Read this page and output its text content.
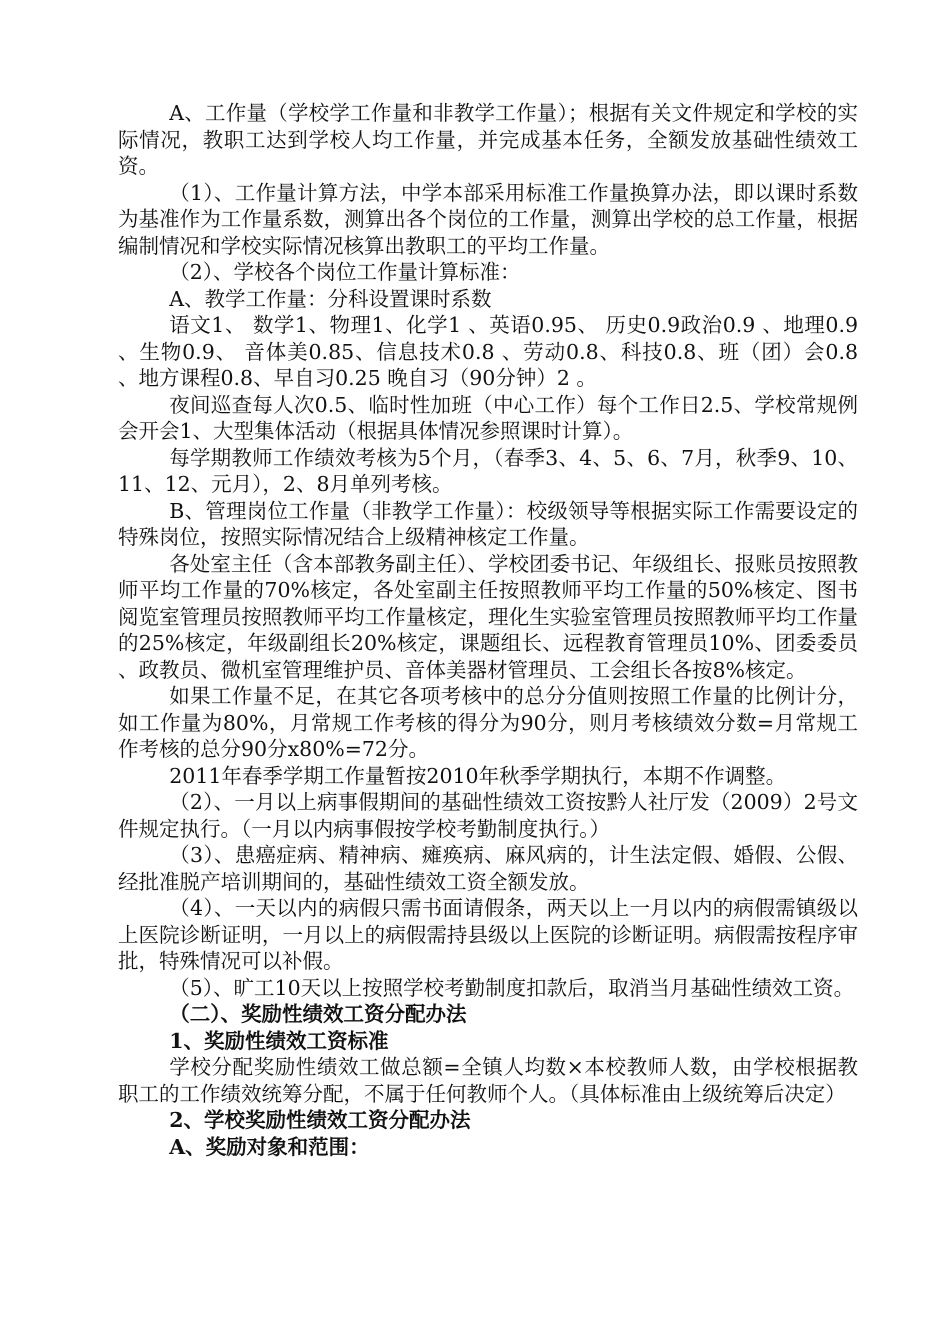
A、工作量（学校学工作量和非教学工作量）；根据有关文件规定和学校的实际情况，教职工达到学校人均工作量，并完成基本任务，全额发放基础性绩效工资。

（1）、工作量计算方法，中学本部采用标准工作量换算办法，即以课时系数为基准作为工作量系数，测算出各个岗位的工作量，测算出学校的总工作量，根据编制情况和学校实际情况核算出教职工的平均工作量。

（2）、学校各个岗位工作量计算标准：

A、教学工作量：分科设置课时系数

语文1、 数学1、物理1、化学1 、英语0.95、 历史0.9政治0.9 、地理0.9 、生物0.9、 音体美0.85、信息技术0.8 、劳动0.8、科技0.8、班（团）会0.8 、地方课程0.8、早自习0.25 晚自习（90分钟）2 。

夜间巡查每人次0.5、临时性加班（中心工作）每个工作日2.5、学校常规例会开会1、大型集体活动（根据具体情况参照课时计算）。

每学期教师工作绩效考核为5个月，（春季3、4、5、6、7月，秋季9、10、11、12、元月），2、8月单列考核。

B、管理岗位工作量（非教学工作量）：校级领导等根据实际工作需要设定的特殊岗位，按照实际情况结合上级精神核定工作量。

各处室主任（含本部教务副主任）、学校团委书记、年级组长、报账员按照教师平均工作量的70%核定，各处室副主任按照教师平均工作量的50%核定、图书阅览室管理员按照教师平均工作量核定，理化生实验室管理员按照教师平均工作量的25%核定，年级副组长20%核定，课题组长、远程教育管理员10%、团委委员 、政教员、微机室管理维护员、音体美器材管理员、工会组长各按8%核定。

如果工作量不足，在其它各项考核中的总分分值则按照工作量的比例计分，如工作量为80%，月常规工作考核的得分为90分，则月考核绩效分数=月常规工作考核的总分90分x80%=72分。

2011年春季学期工作量暂按2010年秋季学期执行，本期不作调整。

（2）、一月以上病事假期间的基础性绩效工资按黔人社厅发（2009）2号文件规定执行。（一月以内病事假按学校考勤制度执行。）

（3）、患癌症病、精神病、瘫痪病、麻风病的，计生法定假、婚假、公假、经批准脱产培训期间的，基础性绩效工资全额发放。

（4）、一天以内的病假只需书面请假条，两天以上一月以内的病假需镇级以上医院诊断证明，一月以上的病假需持县级以上医院的诊断证明。病假需按程序审批，特殊情况可以补假。

（5）、旷工10天以上按照学校考勤制度扣款后，取消当月基础性绩效工资。

（二）、奖励性绩效工资分配办法

1、奖励性绩效工资标准

学校分配奖励性绩效工做总额=全镇人均数×本校教师人数，由学校根据教职工的工作绩效统筹分配，不属于任何教师个人。（具体标准由上级统筹后决定）

2、学校奖励性绩效工资分配办法

A、奖励对象和范围：
